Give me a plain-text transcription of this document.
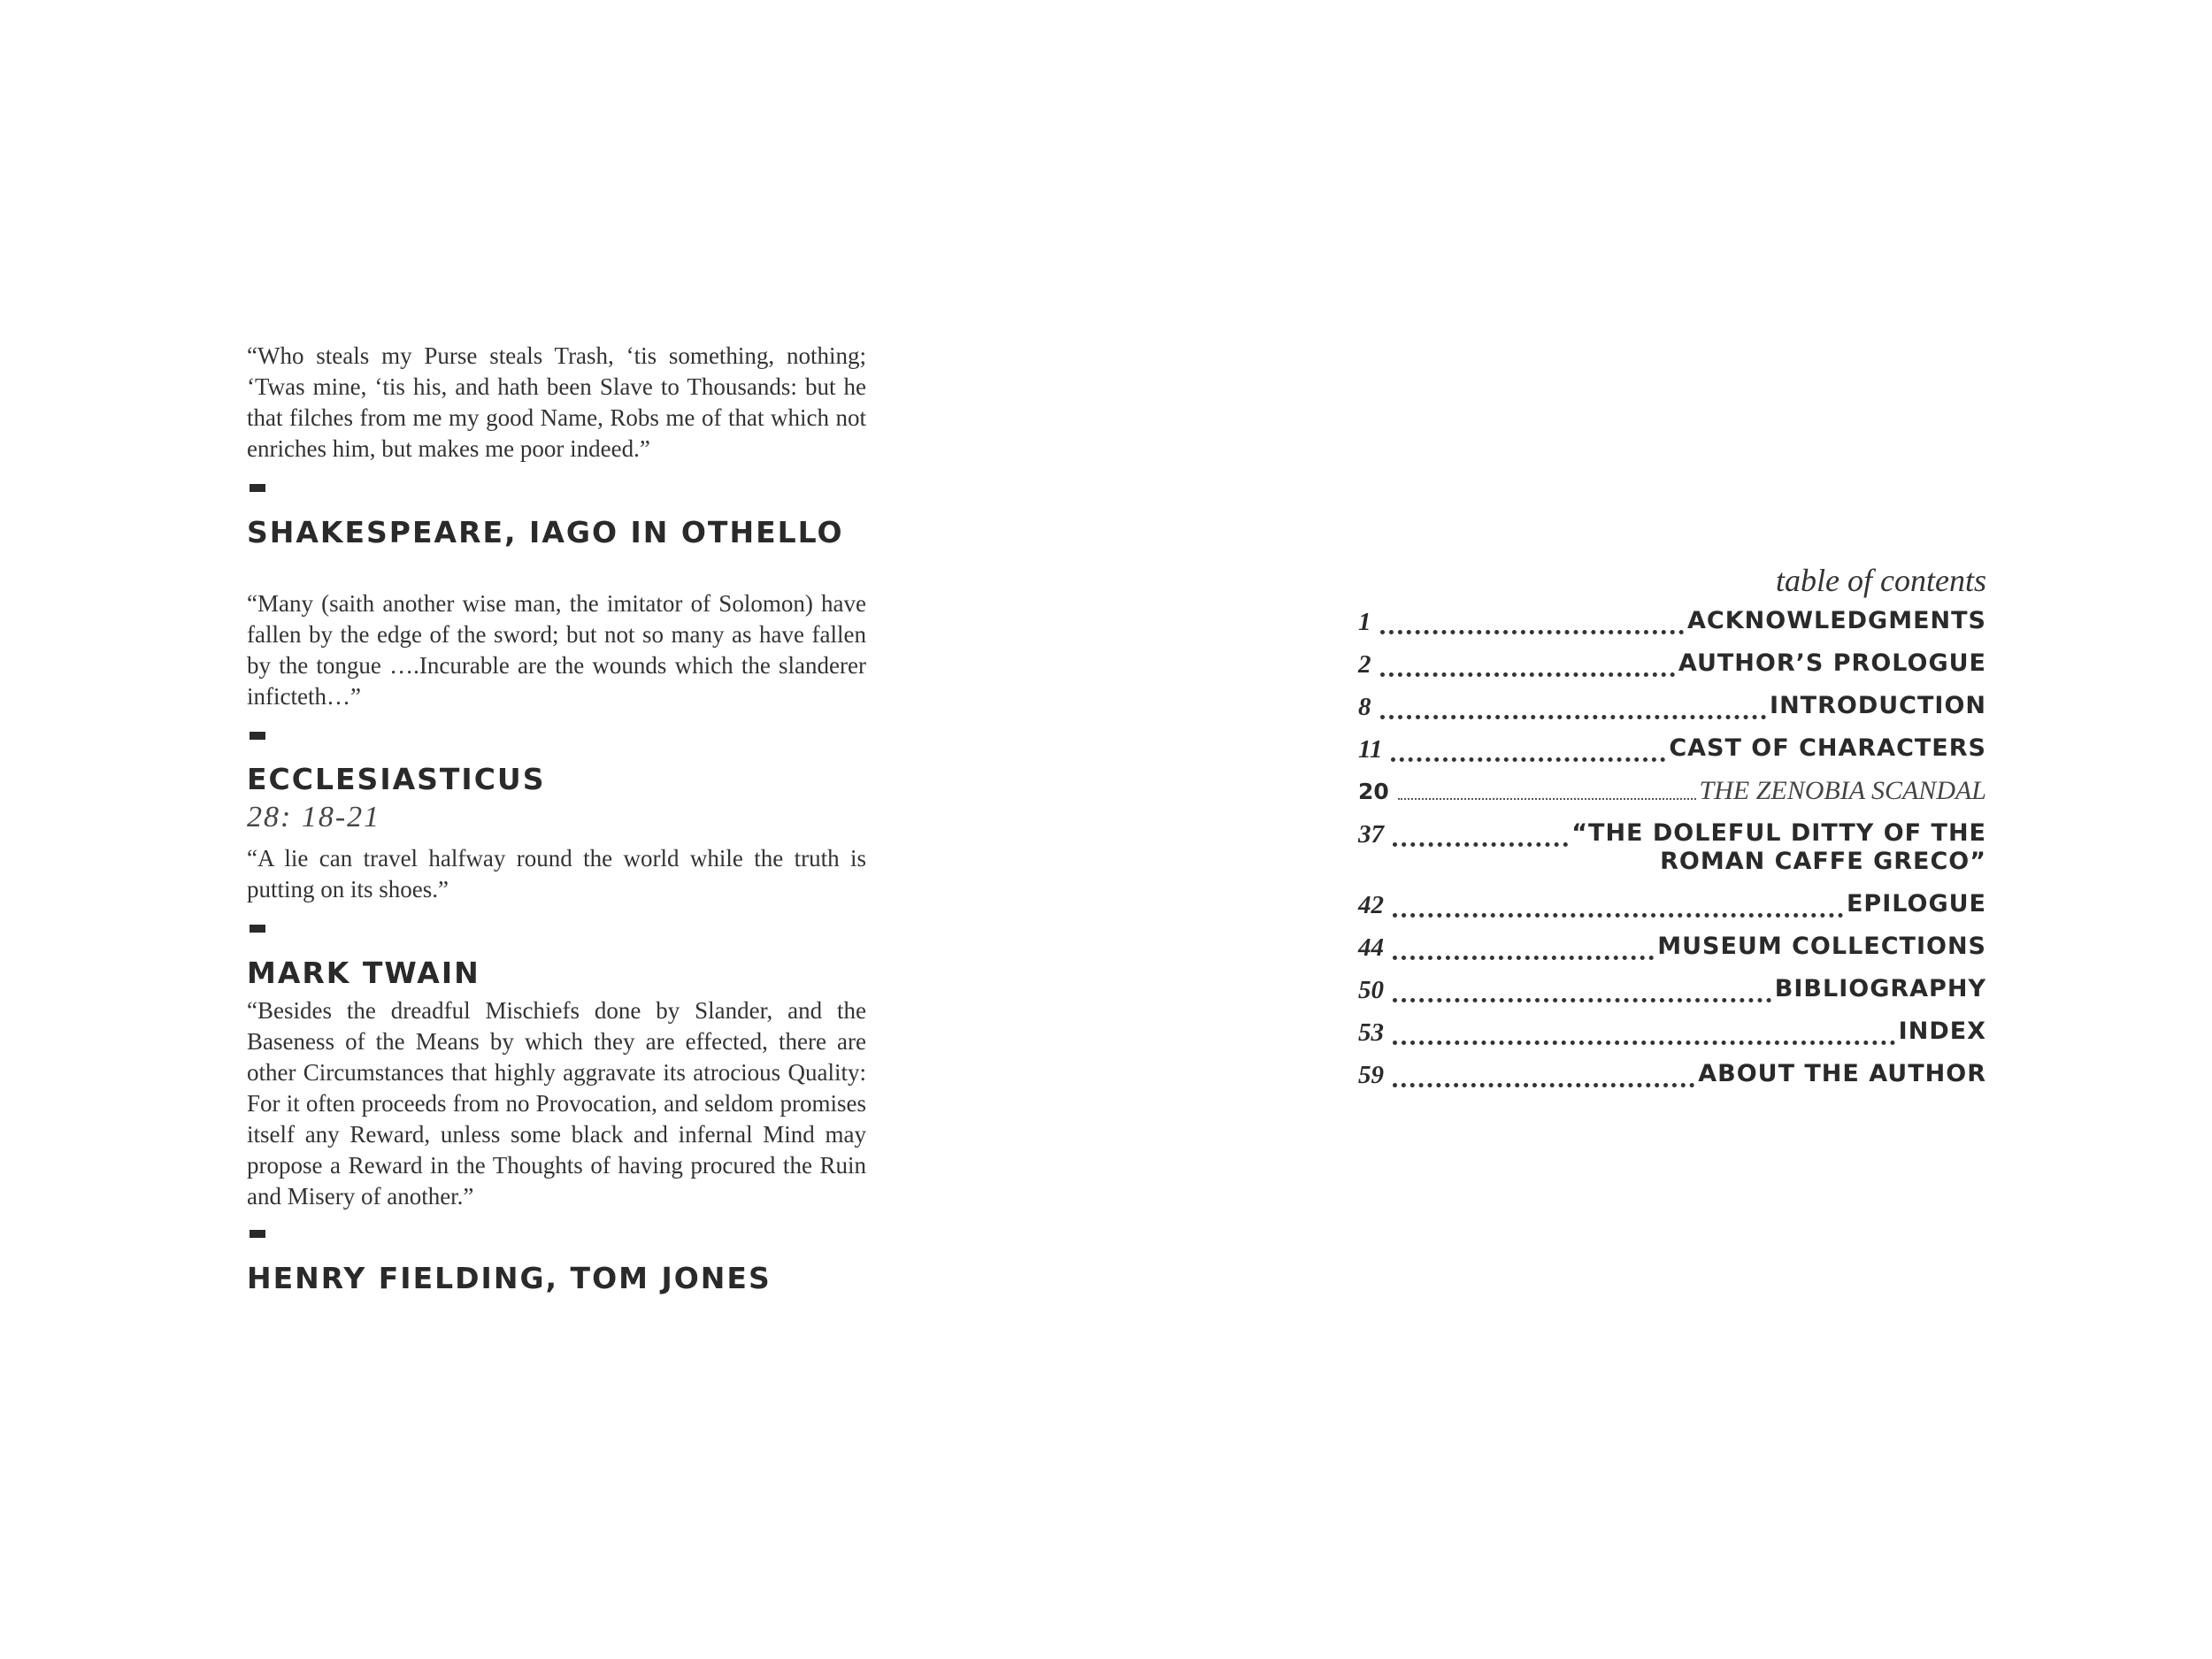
“Who steals my Purse steals Trash, ‘tis something, nothing; ‘Twas mine, ‘tis his, and hath been Slave to Thousands: but he that filches from me my good Name, Robs me of that which not enriches him, but makes me poor indeed.”

SHAKESPEARE, IAGO IN OTHELLO

“Many (saith another wise man, the imitator of Solomon) have fallen by the edge of the sword; but not so many as have fallen by the tongue ….Incurable are the wounds which the slanderer inficteth…”

ECCLESIASTICUS

28: 18-21

“A lie can travel halfway round the world while the truth is putting on its shoes.”

MARK TWAIN

“Besides the dreadful Mischiefs done by Slander, and the Baseness of the Means by which they are effected, there are other Circumstances that highly aggravate its atrocious Quality: For it often proceeds from no Provocation, and seldom promises itself any Reward, unless some black and infernal Mind may propose a Reward in the Thoughts of having procured the Ruin and Misery of another.”

HENRY FIELDING, TOM JONES

table of contents

1	ACKNOWLEDGMENTS
2	AUTHOR’S PROLOGUE
8	INTRODUCTION
11	CAST OF CHARACTERS
20	THE ZENOBIA SCANDAL
37	“THE DOLEFUL DITTY OF THE
ROMAN CAFFE GRECO”
42	EPILOGUE
44	MUSEUM COLLECTIONS
50	BIBLIOGRAPHY
53	INDEX
59	ABOUT THE AUTHOR
